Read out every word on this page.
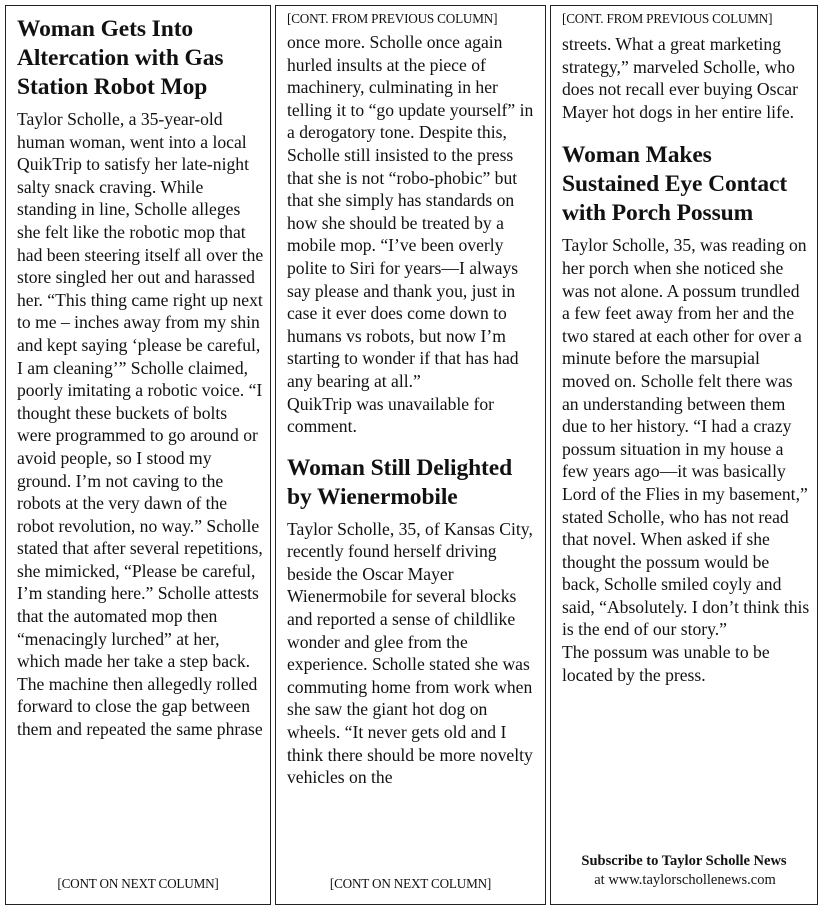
Woman Gets Into Altercation with Gas Station Robot Mop

Taylor Scholle, a 35-year-old human woman, went into a local QuikTrip to satisfy her late-night salty snack craving. While standing in line, Scholle alleges she felt like the robotic mop that had been steering itself all over the store singled her out and harassed her. “This thing came right up next to me – inches away from my shin and kept saying ‘please be careful, I am cleaning’” Scholle claimed, poorly imitating a robotic voice. “I thought these buckets of bolts were programmed to go around or avoid people, so I stood my ground. I’m not caving to the robots at the very dawn of the robot revolution, no way.” Scholle stated that after several repetitions, she mimicked, “Please be careful, I’m standing here.” Scholle attests that the automated mop then “menacingly lurched” at her, which made her take a step back. The machine then allegedly rolled forward to close the gap between them and repeated the same phrase

[CONT ON NEXT COLUMN]

[CONT. FROM PREVIOUS COLUMN]

once more. Scholle once again hurled insults at the piece of machinery, culminating in her telling it to “go update yourself” in a derogatory tone. Despite this, Scholle still insisted to the press that she is not “robo-phobic” but that she simply has standards on how she should be treated by a mobile mop. “I’ve been overly polite to Siri for years—I always say please and thank you, just in case it ever does come down to humans vs robots, but now I’m starting to wonder if that has had any bearing at all.”

QuikTrip was unavailable for comment.

Woman Still Delighted by Wienermobile

Taylor Scholle, 35, of Kansas City, recently found herself driving beside the Oscar Mayer Wienermobile for several blocks and reported a sense of childlike wonder and glee from the experience. Scholle stated she was commuting home from work when she saw the giant hot dog on wheels. “It never gets old and I think there should be more novelty vehicles on the

[CONT ON NEXT COLUMN]

[CONT. FROM PREVIOUS COLUMN]

streets. What a great marketing strategy,” marveled Scholle, who does not recall ever buying Oscar Mayer hot dogs in her entire life.

Woman Makes Sustained Eye Contact with Porch Possum

Taylor Scholle, 35, was reading on her porch when she noticed she was not alone. A possum trundled a few feet away from her and the two stared at each other for over a minute before the marsupial moved on. Scholle felt there was an understanding between them due to her history. “I had a crazy possum situation in my house a few years ago—it was basically Lord of the Flies in my basement,” stated Scholle, who has not read that novel. When asked if she thought the possum would be back, Scholle smiled coyly and said, “Absolutely. I don’t think this is the end of our story.”

The possum was unable to be located by the press.

Subscribe to Taylor Scholle News
at www.taylorschollenews.com
